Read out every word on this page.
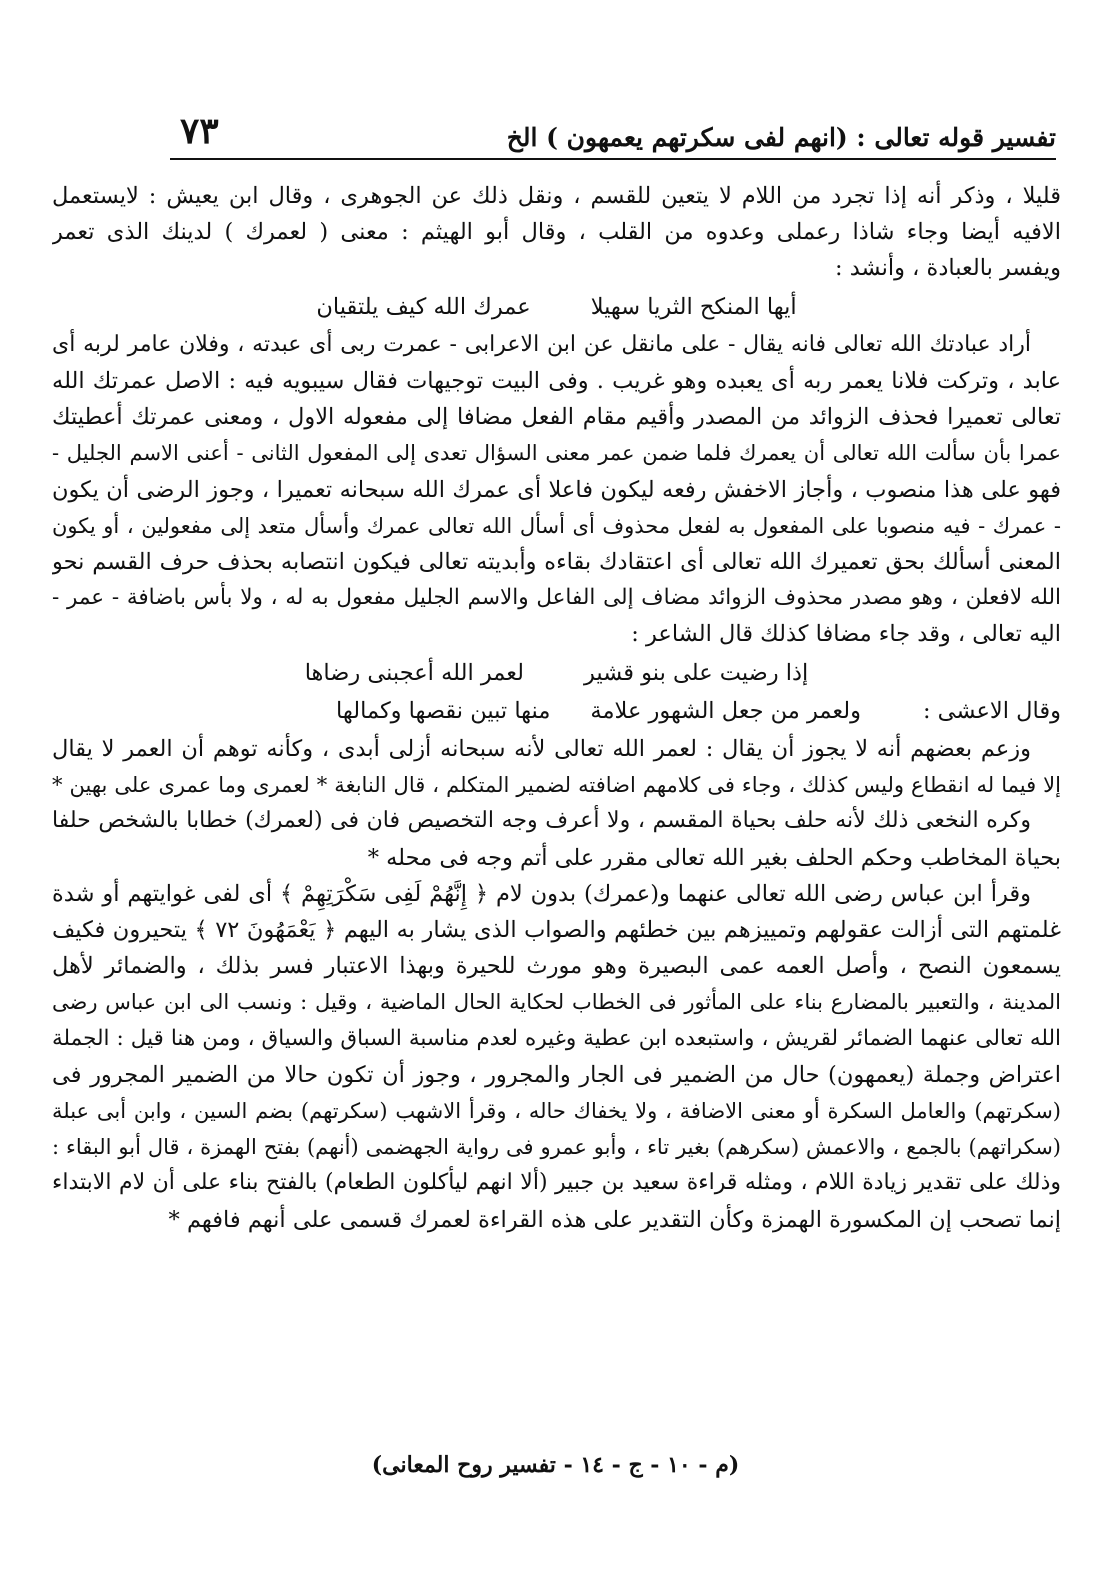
تفسير قوله تعالى : (انهم لفى سكرتهم يعمهون ) الخ
٧٣
قليلا ، وذكر أنه إذا تجرد من اللام لا يتعين للقسم ، ونقل ذلك عن الجوهرى ، وقال ابن يعيش : لايستعمل
الافيه أيضا وجاء شاذا رعملى وعدوه من القلب ، وقال أبو الهيثم : معنى ( لعمرك ) لدينك الذى تعمر
ويفسر بالعبادة ، وأنشد :
أيها المنكح الثريا سهيلا
عمرك الله كيف يلتقيان
أراد عبادتك الله تعالى فانه يقال - على مانقل عن ابن الاعرابى - عمرت ربى أى عبدته ، وفلان عامر لربه أى
عابد ، وتركت فلانا يعمر ربه أى يعبده وهو غريب . وفى البيت توجيهات فقال سيبويه فيه : الاصل عمرتك الله
تعالى تعميرا فحذف الزوائد من المصدر وأقيم مقام الفعل مضافا إلى مفعوله الاول ، ومعنى عمرتك أعطيتك
عمرا بأن سألت الله تعالى أن يعمرك فلما ضمن عمر معنى السؤال تعدى إلى المفعول الثانى - أعنى الاسم الجليل -
فهو على هذا منصوب ، وأجاز الاخفش رفعه ليكون فاعلا أى عمرك الله سبحانه تعميرا ، وجوز الرضى أن يكون
- عمرك - فيه منصوبا على المفعول به لفعل محذوف أى أسأل الله تعالى عمرك وأسأل متعد إلى مفعولين ، أو يكون
المعنى أسألك بحق تعميرك الله تعالى أى اعتقادك بقاءه وأبديته تعالى فيكون انتصابه بحذف حرف القسم نحو
الله لافعلن ، وهو مصدر محذوف الزوائد مضاف إلى الفاعل والاسم الجليل مفعول به له ، ولا بأس باضافة - عمر -
اليه تعالى ، وقد جاء مضافا كذلك قال الشاعر :
إذا رضيت على بنو قشير
لعمر الله أعجبنى رضاها
وقال الاعشى :
ولعمر من جعل الشهور علامة
منها تبين نقصها وكمالها
وزعم بعضهم أنه لا يجوز أن يقال : لعمر الله تعالى لأنه سبحانه أزلى أبدى ، وكأنه توهم أن العمر لا يقال
إلا فيما له انقطاع وليس كذلك ، وجاء فى كلامهم اضافته لضمير المتكلم ، قال النابغة * لعمرى وما عمرى على بهين *
وكره النخعى ذلك لأنه حلف بحياة المقسم ، ولا أعرف وجه التخصيص فان فى (لعمرك) خطابا بالشخص حلفا
بحياة المخاطب وحكم الحلف بغير الله تعالى مقرر على أتم وجه فى محله *
وقرأ ابن عباس رضى الله تعالى عنهما و(عمرك) بدون لام ﴿ إِنَّهُمْ لَفِى سَكْرَتِهِمْ ﴾ أى لفى غوايتهم أو شدة
غلمتهم التى أزالت عقولهم وتمييزهم بين خطئهم والصواب الذى يشار به اليهم ﴿ يَعْمَهُونَ ٧٢ ﴾ يتحيرون فكيف
يسمعون النصح ، وأصل العمه عمى البصيرة وهو مورث للحيرة وبهذا الاعتبار فسر بذلك ، والضمائر لأهل
المدينة ، والتعبير بالمضارع بناء على المأثور فى الخطاب لحكاية الحال الماضية ، وقيل : ونسب الى ابن عباس رضى
الله تعالى عنهما الضمائر لقريش ، واستبعده ابن عطية وغيره لعدم مناسبة السباق والسياق ، ومن هنا قيل : الجملة
اعتراض وجملة (يعمهون) حال من الضمير فى الجار والمجرور ، وجوز أن تكون حالا من الضمير المجرور فى
(سكرتهم) والعامل السكرة أو معنى الاضافة ، ولا يخفاك حاله ، وقرأ الاشهب (سكرتهم) بضم السين ، وابن أبى عبلة
(سكراتهم) بالجمع ، والاعمش (سكرهم) بغير تاء ، وأبو عمرو فى رواية الجهضمى (أنهم) بفتح الهمزة ، قال أبو البقاء :
وذلك على تقدير زيادة اللام ، ومثله قراءة سعيد بن جبير (ألا انهم ليأكلون الطعام) بالفتح بناء على أن لام الابتداء
إنما تصحب إن المكسورة الهمزة وكأن التقدير على هذه القراءة لعمرك قسمى على أنهم فافهم *
(م - ١٠ - ج - ١٤ - تفسير روح المعانى)
